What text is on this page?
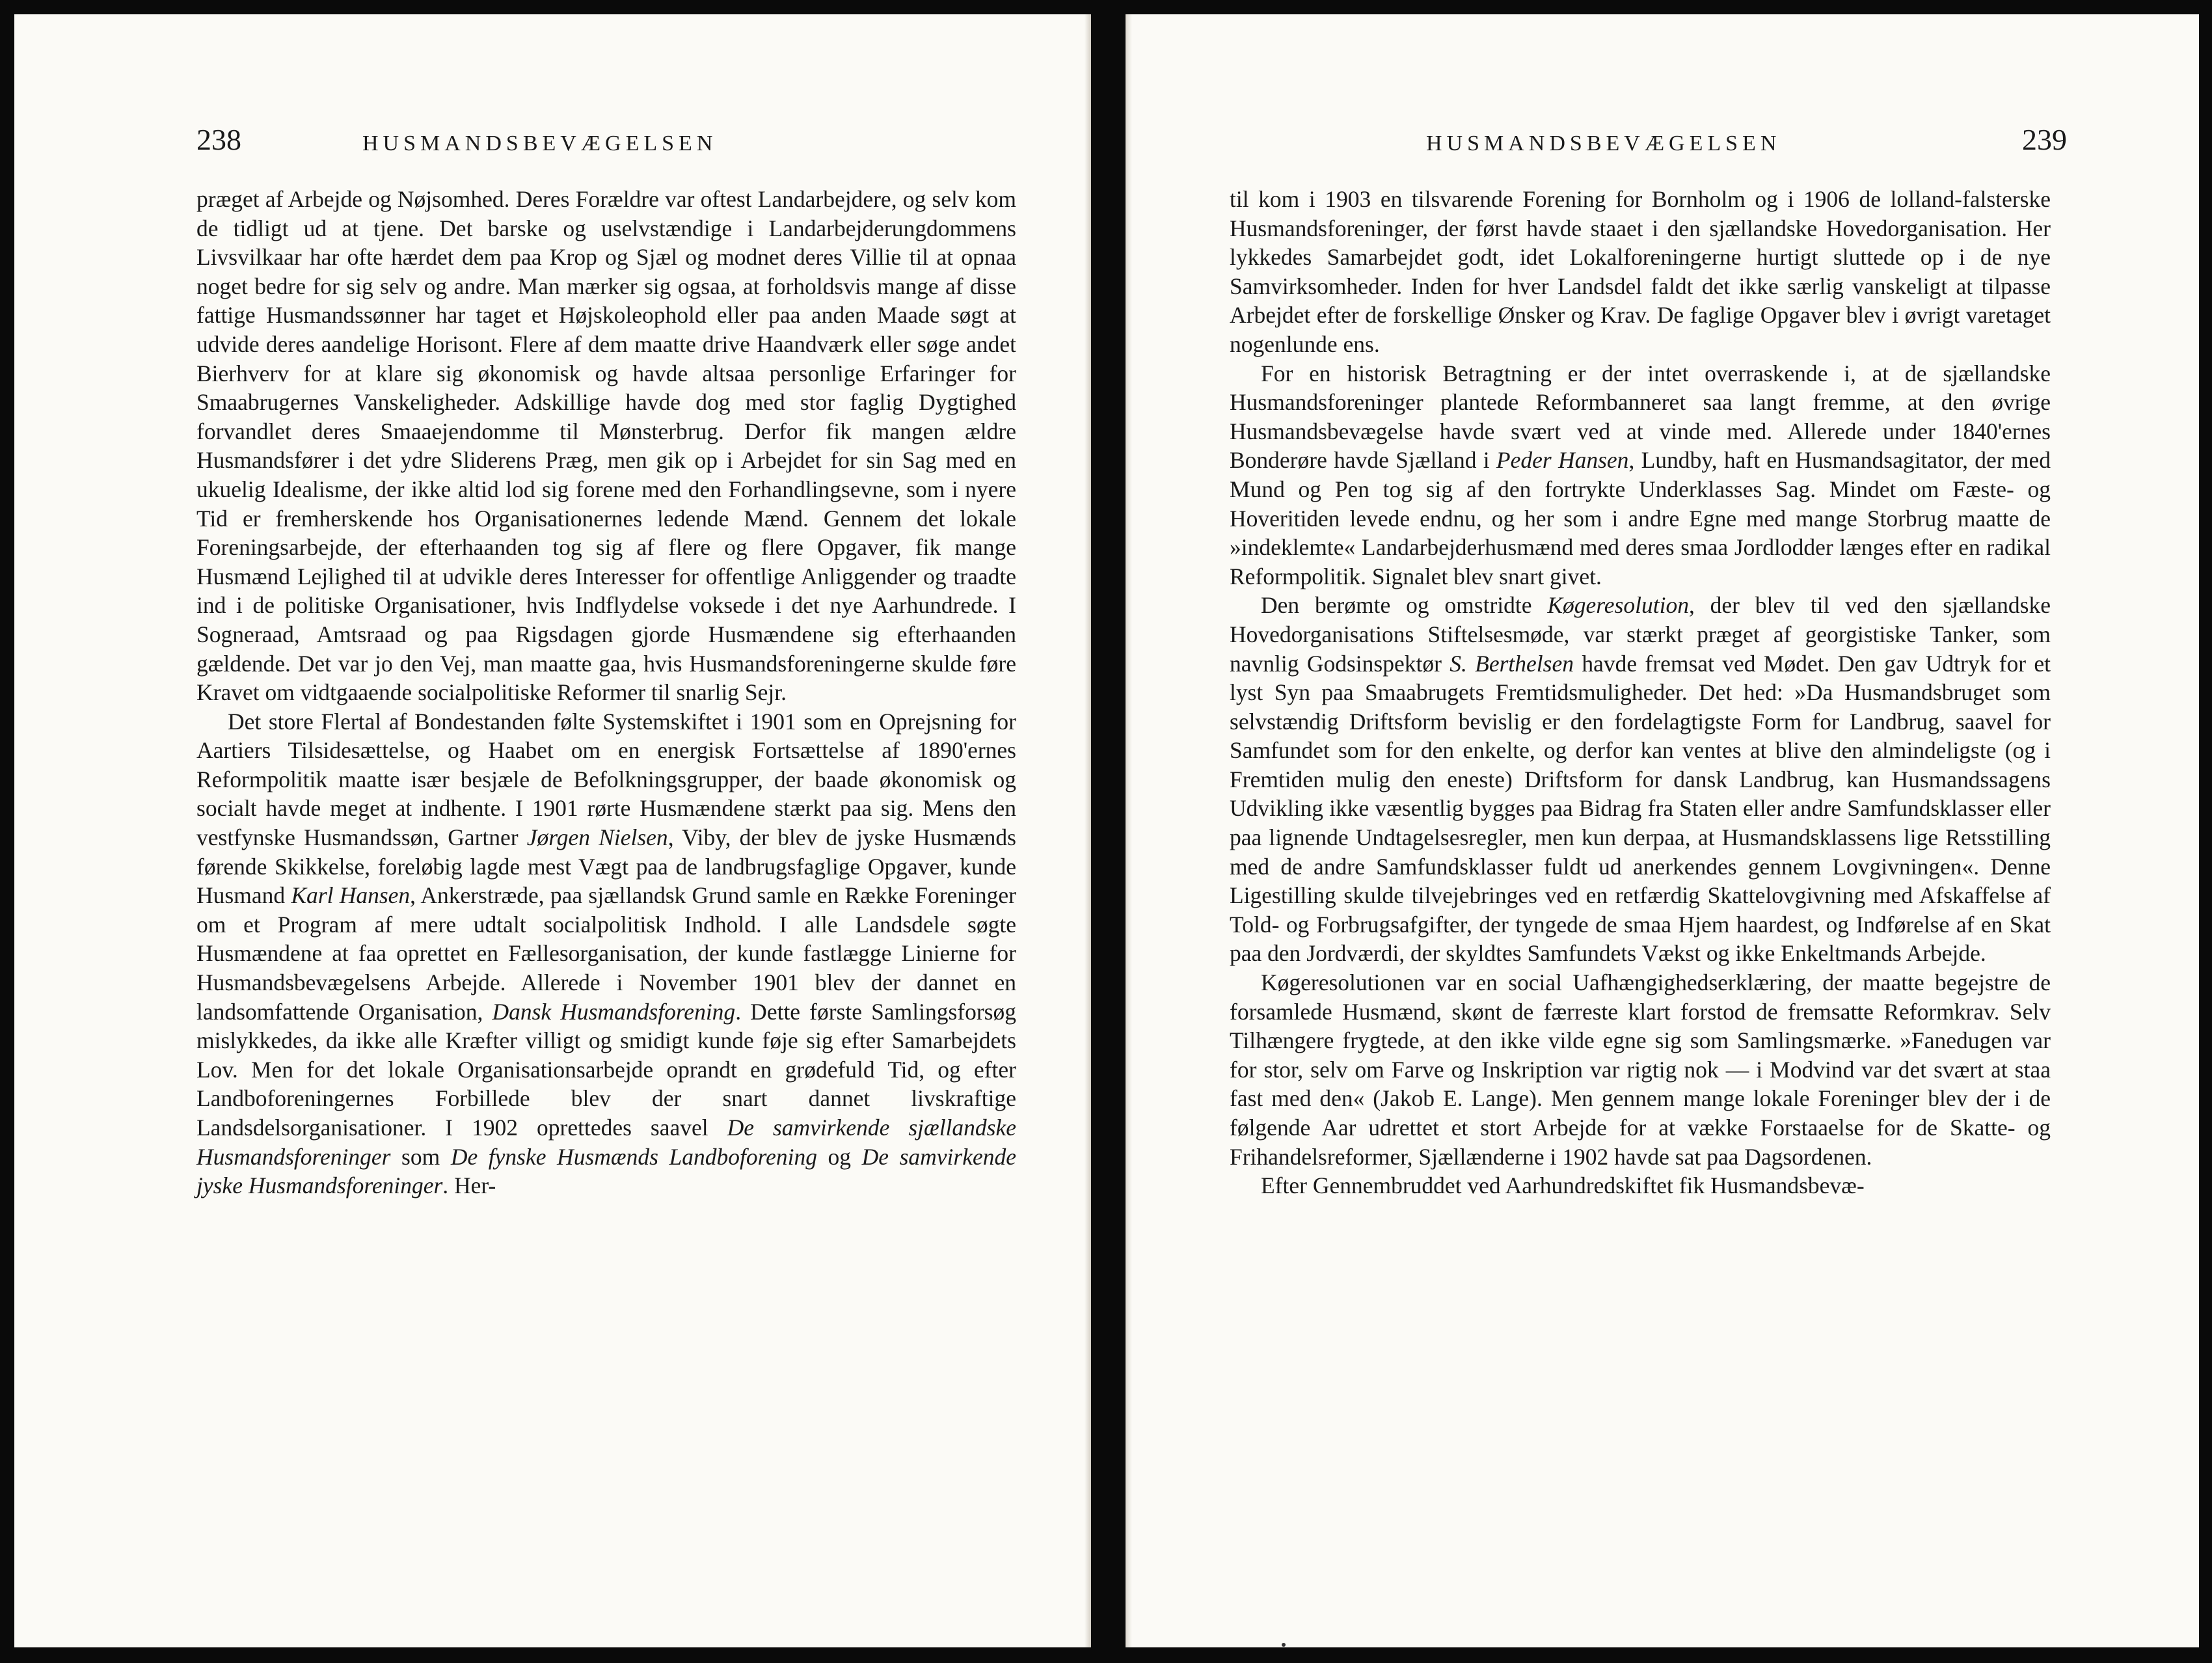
238	HUSMANDSBEVÆGELSEN

præget af Arbejde og Nøjsomhed. Deres Forældre var oftest Landarbejdere, og selv kom de tidligt ud at tjene. Det barske og uselvstændige i Landarbejderungdommens Livsvilkaar har ofte hærdet dem paa Krop og Sjæl og modnet deres Villie til at opnaa noget bedre for sig selv og andre. Man mærker sig ogsaa, at forholdsvis mange af disse fattige Husmandssønner har taget et Højskoleophold eller paa anden Maade søgt at udvide deres aandelige Horisont. Flere af dem maatte drive Haandværk eller søge andet Bierhverv for at klare sig økonomisk og havde altsaa personlige Erfaringer for Smaabrugernes Vanskeligheder. Adskillige havde dog med stor faglig Dygtighed forvandlet deres Smaaejendomme til Mønsterbrug. Derfor fik mangen ældre Husmandsfører i det ydre Sliderens Præg, men gik op i Arbejdet for sin Sag med en ukuelig Idealisme, der ikke altid lod sig forene med den Forhandlingsevne, som i nyere Tid er fremherskende hos Organisationernes ledende Mænd. Gennem det lokale Foreningsarbejde, der efterhaanden tog sig af flere og flere Opgaver, fik mange Husmænd Lejlighed til at udvikle deres Interesser for offentlige Anliggender og traadte ind i de politiske Organisationer, hvis Indflydelse voksede i det nye Aarhundrede. I Sogneraad, Amtsraad og paa Rigsdagen gjorde Husmændene sig efterhaanden gældende. Det var jo den Vej, man maatte gaa, hvis Husmandsforeningerne skulde føre Kravet om vidtgaaende socialpolitiske Reformer til snarlig Sejr.

Det store Flertal af Bondestanden følte Systemskiftet i 1901 som en Oprejsning for Aartiers Tilsidesættelse, og Haabet om en energisk Fortsættelse af 1890'ernes Reformpolitik maatte især besjæle de Befolkningsgrupper, der baade økonomisk og socialt havde meget at indhente. I 1901 rørte Husmændene stærkt paa sig. Mens den vestfynske Husmandssøn, Gartner Jørgen Nielsen, Viby, der blev de jyske Husmænds førende Skikkelse, foreløbig lagde mest Vægt paa de landbrugsfaglige Opgaver, kunde Husmand Karl Hansen, Ankerstræde, paa sjællandsk Grund samle en Række Foreninger om et Program af mere udtalt socialpolitisk Indhold. I alle Landsdele søgte Husmændene at faa oprettet en Fællesorganisation, der kunde fastlægge Linierne for Husmandsbevægelsens Arbejde. Allerede i November 1901 blev der dannet en landsomfattende Organisation, Dansk Husmandsforening. Dette første Samlingsforsøg mislykkedes, da ikke alle Kræfter villigt og smidigt kunde føje sig efter Samarbejdets Lov. Men for det lokale Organisationsarbejde oprandt en grødefuld Tid, og efter Landboforeningernes Forbillede blev der snart dannet livskraftige Landsdelsorganisationer. I 1902 oprettedes saavel De samvirkende sjællandske Husmandsforeninger som De fynske Husmænds Landboforening og De samvirkende jyske Husmandsforeninger. Her-

HUSMANDSBEVÆGELSEN	239

til kom i 1903 en tilsvarende Forening for Bornholm og i 1906 de lolland-falsterske Husmandsforeninger, der først havde staaet i den sjællandske Hovedorganisation. Her lykkedes Samarbejdet godt, idet Lokalforeningerne hurtigt sluttede op i de nye Samvirksomheder. Inden for hver Landsdel faldt det ikke særlig vanskeligt at tilpasse Arbejdet efter de forskellige Ønsker og Krav. De faglige Opgaver blev i øvrigt varetaget nogenlunde ens.

For en historisk Betragtning er der intet overraskende i, at de sjællandske Husmandsforeninger plantede Reformbanneret saa langt fremme, at den øvrige Husmandsbevægelse havde svært ved at vinde med. Allerede under 1840'ernes Bonderøre havde Sjælland i Peder Hansen, Lundby, haft en Husmandsagitator, der med Mund og Pen tog sig af den fortrykte Underklasses Sag. Mindet om Fæste- og Hoveritiden levede endnu, og her som i andre Egne med mange Storbrug maatte de »indeklemte« Landarbejderhusmænd med deres smaa Jordlodder længes efter en radikal Reformpolitik. Signalet blev snart givet.

Den berømte og omstridte Køgeresolution, der blev til ved den sjællandske Hovedorganisations Stiftelsesmøde, var stærkt præget af georgistiske Tanker, som navnlig Godsinspektør S. Berthelsen havde fremsat ved Mødet. Den gav Udtryk for et lyst Syn paa Smaabrugets Fremtidsmuligheder. Det hed: »Da Husmandsbruget som selvstændig Driftsform bevislig er den fordelagtigste Form for Landbrug, saavel for Samfundet som for den enkelte, og derfor kan ventes at blive den almindeligste (og i Fremtiden mulig den eneste) Driftsform for dansk Landbrug, kan Husmandssagens Udvikling ikke væsentlig bygges paa Bidrag fra Staten eller andre Samfundsklasser eller paa lignende Undtagelsesregler, men kun derpaa, at Husmandsklassens lige Retsstilling med de andre Samfundsklasser fuldt ud anerkendes gennem Lovgivningen«. Denne Ligestilling skulde tilvejebringes ved en retfærdig Skattelovgivning med Afskaffelse af Told- og Forbrugsafgifter, der tyngede de smaa Hjem haardest, og Indførelse af en Skat paa den Jordværdi, der skyldtes Samfundets Vækst og ikke Enkeltmands Arbejde.

Køgeresolutionen var en social Uafhængighedserklæring, der maatte begejstre de forsamlede Husmænd, skønt de færreste klart forstod de fremsatte Reformkrav. Selv Tilhængere frygtede, at den ikke vilde egne sig som Samlingsmærke. »Fanedugen var for stor, selv om Farve og Inskription var rigtig nok — i Modvind var det svært at staa fast med den« (Jakob E. Lange). Men gennem mange lokale Foreninger blev der i de følgende Aar udrettet et stort Arbejde for at vække Forstaaelse for de Skatte- og Frihandelsreformer, Sjællænderne i 1902 havde sat paa Dagsordenen.

Efter Gennembruddet ved Aarhundredskiftet fik Husmandsbevæ-
